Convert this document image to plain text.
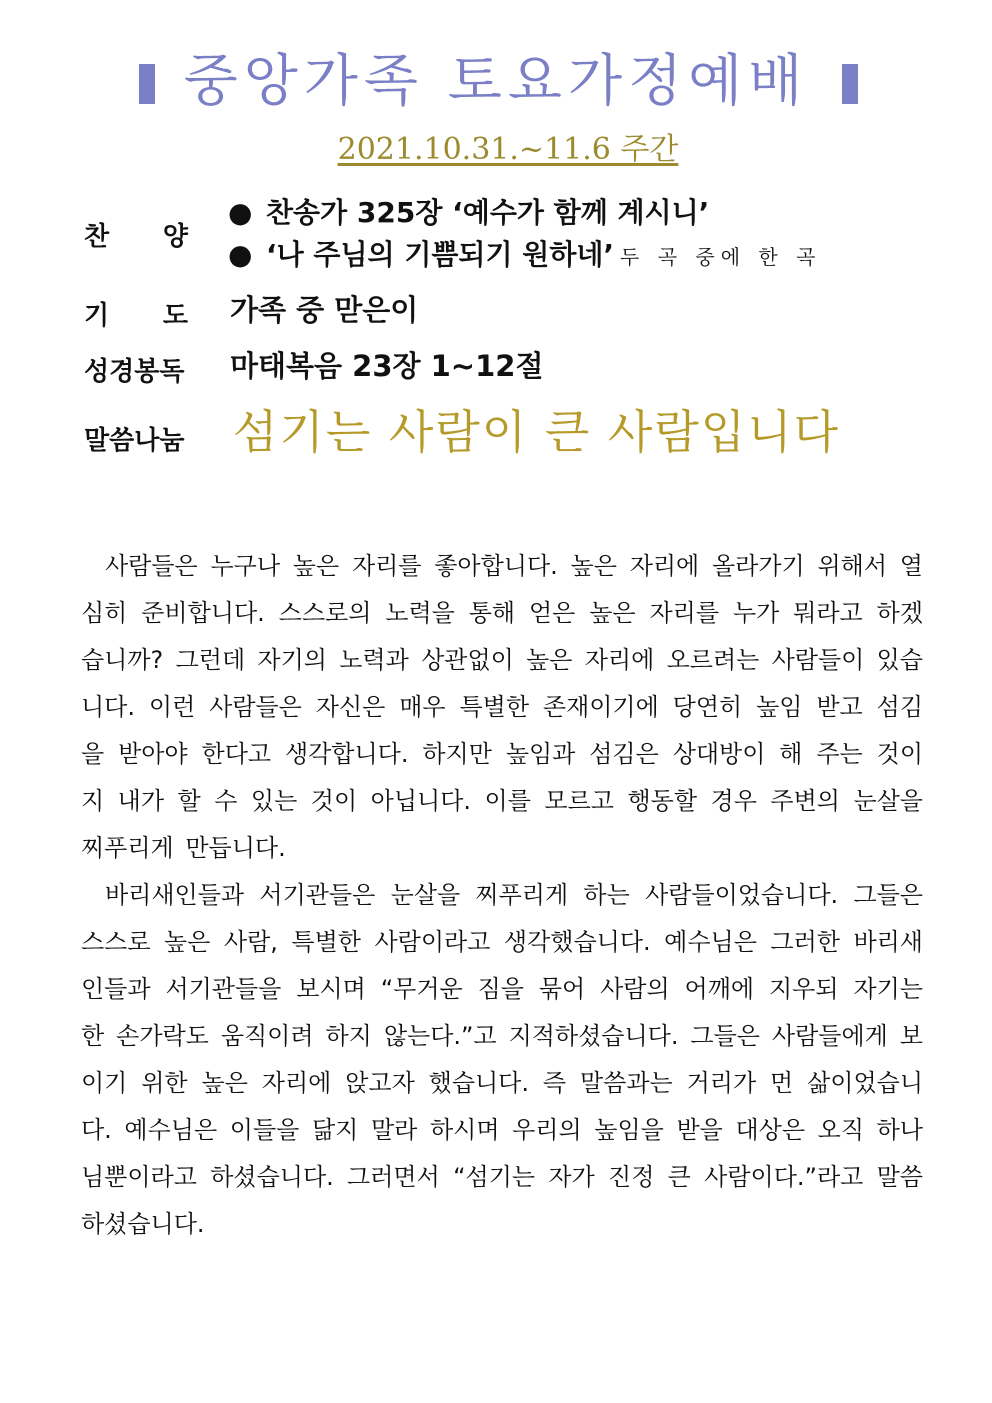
중앙가족 토요가정예배
2021.10.31.~11.6 주간
찬 양
● 찬송가 325장 ‘예수가 함께 계시니’
● ‘나 주님의 기쁨되기 원하네’ 두 곡 중에 한 곡
기 도 가족 중 맏은이
성경봉독 마태복음 23장 1~12절
말씀나눔 섬기는 사람이 큰 사람입니다

사람들은 누구나 높은 자리를 좋아합니다. 높은 자리에 올라가기 위해서 열심히 준비합니다. 스스로의 노력을 통해 얻은 높은 자리를 누가 뭐라고 하겠습니까? 그런데 자기의 노력과 상관없이 높은 자리에 오르려는 사람들이 있습니다. 이런 사람들은 자신은 매우 특별한 존재이기에 당연히 높임 받고 섬김을 받아야 한다고 생각합니다. 하지만 높임과 섬김은 상대방이 해 주는 것이지 내가 할 수 있는 것이 아닙니다. 이를 모르고 행동할 경우 주변의 눈살을 찌푸리게 만듭니다.

바리새인들과 서기관들은 눈살을 찌푸리게 하는 사람들이었습니다. 그들은 스스로 높은 사람, 특별한 사람이라고 생각했습니다. 예수님은 그러한 바리새인들과 서기관들을 보시며 “무거운 짐을 묶어 사람의 어깨에 지우되 자기는 한 손가락도 움직이려 하지 않는다.”고 지적하셨습니다. 그들은 사람들에게 보이기 위한 높은 자리에 앉고자 했습니다. 즉 말씀과는 거리가 먼 삶이었습니다. 예수님은 이들을 닮지 말라 하시며 우리의 높임을 받을 대상은 오직 하나님뿐이라고 하셨습니다. 그러면서 “섬기는 자가 진정 큰 사람이다.”라고 말씀하셨습니다.
